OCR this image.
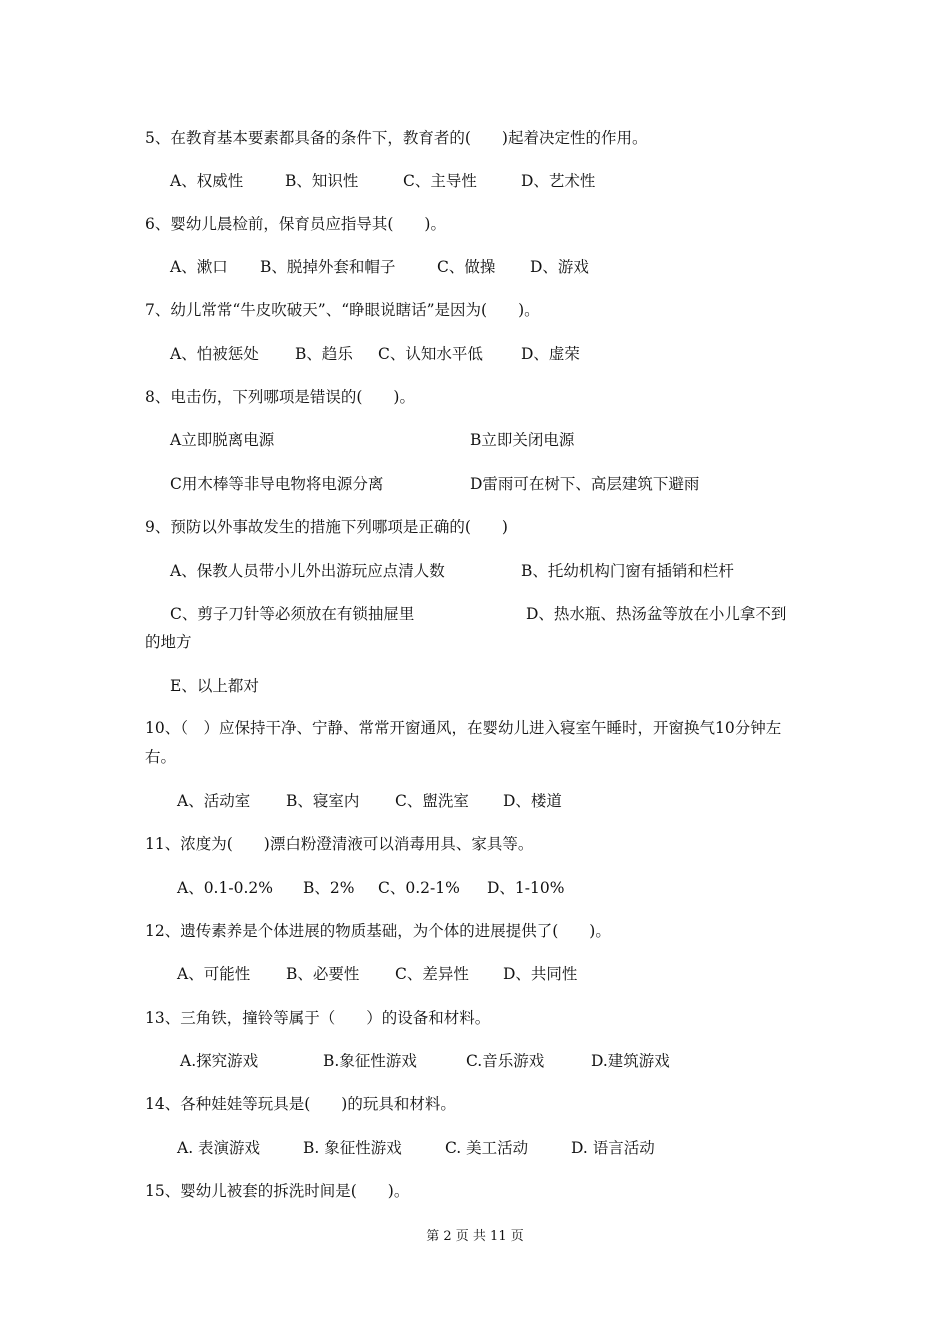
5、在教育基本要素都具备的条件下，教育者的(　　)起着决定性的作用。
A、权威性	B、知识性	C、主导性	D、艺术性
6、婴幼儿晨检前，保育员应指导其(　　)。
A、漱口 B、脱掉外套和帽子	C、做操 D、游戏
7、幼儿常常“牛皮吹破天”、“睁眼说瞎话”是因为(　　)。
A、怕被惩处 B、趋乐 C、认知水平低 D、虚荣
8、电击伤，下列哪项是错误的(　　)。
A立即脱离电源	B立即关闭电源
C用木棒等非导电物将电源分离	D雷雨可在树下、高层建筑下避雨
9、预防以外事故发生的措施下列哪项是正确的(　　)
A、保教人员带小儿外出游玩应点清人数	B、托幼机构门窗有插销和栏杆
C、剪子刀针等必须放在有锁抽屉里	D、热水瓶、热汤盆等放在小儿拿不到
的地方
E、以上都对
10、（　）应保持干净、宁静、常常开窗通风，在婴幼儿进入寝室午睡时，开窗换气10分钟左右。
A、活动室 B、寝室内 C、盥洗室 D、楼道
11、浓度为(　　)漂白粉澄清液可以消毒用具、家具等。
A、0.1-0.2% B、2% C、0.2-1% D、1-10%
12、遗传素养是个体进展的物质基础，为个体的进展提供了(　　)。
A、可能性 B、必要性 C、差异性 D、共同性
13、三角铁，撞铃等属于（　　）的设备和材料。
A.探究游戏	B.象征性游戏	C.音乐游戏	D.建筑游戏
14、各种娃娃等玩具是(　　)的玩具和材料。
A. 表演游戏	B. 象征性游戏	C. 美工活动	D. 语言活动
15、婴幼儿被套的拆洗时间是(　　)。
第 2 页 共 11 页
